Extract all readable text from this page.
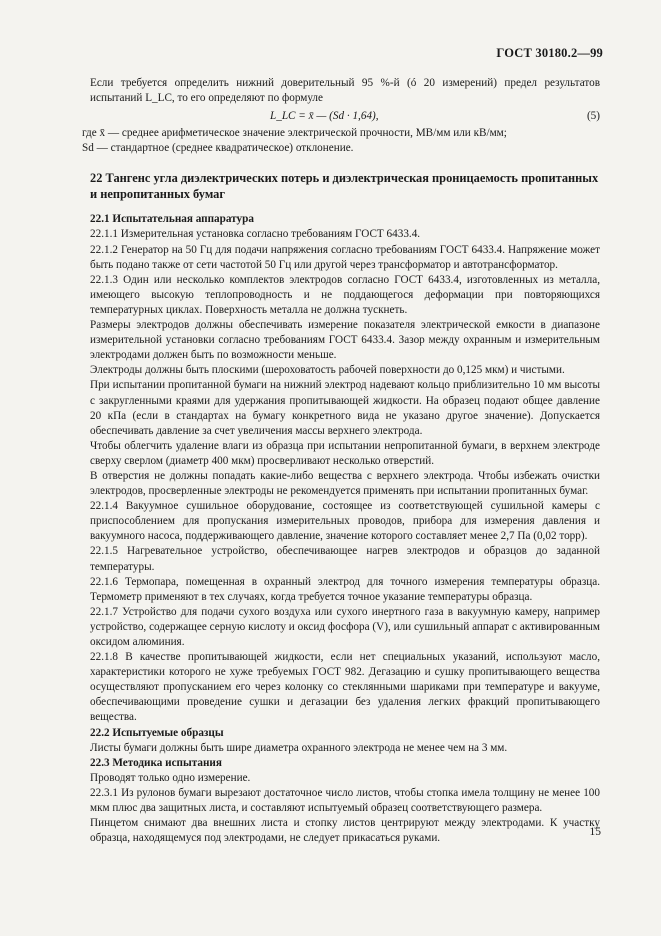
ГОСТ 30180.2—99

Если требуется определить нижний доверительный 95 %-й (ó 20 измерений) предел результатов испытаний L_LC, то его определяют по формуле

L_LC = x̄ — (Sd · 1,64),	(5)

где x̄ — среднее арифметическое значение электрической прочности, МВ/мм или кВ/мм;

Sd — стандартное (среднее квадратическое) отклонение.

22 Тангенс угла диэлектрических потерь и диэлектрическая проницаемость пропитанных и непропитанных бумаг

22.1 Испытательная аппаратура

22.1.1 Измерительная установка согласно требованиям ГОСТ 6433.4.

22.1.2 Генератор на 50 Гц для подачи напряжения согласно требованиям ГОСТ 6433.4. Напряжение может быть подано также от сети частотой 50 Гц или другой через трансформатор и автотрансформатор.

22.1.3 Один или несколько комплектов электродов согласно ГОСТ 6433.4, изготовленных из металла, имеющего высокую теплопроводность и не поддающегося деформации при повторяющихся температурных циклах. Поверхность металла не должна тускнеть.

Размеры электродов должны обеспечивать измерение показателя электрической емкости в диапазоне измерительной установки согласно требованиям ГОСТ 6433.4. Зазор между охранным и измерительным электродами должен быть по возможности меньше.

Электроды должны быть плоскими (шероховатость рабочей поверхности до 0,125 мкм) и чистыми.

При испытании пропитанной бумаги на нижний электрод надевают кольцо приблизительно 10 мм высоты с закругленными краями для удержания пропитывающей жидкости. На образец подают общее давление 20 кПа (если в стандартах на бумагу конкретного вида не указано другое значение). Допускается обеспечивать давление за счет увеличения массы верхнего электрода.

Чтобы облегчить удаление влаги из образца при испытании непропитанной бумаги, в верхнем электроде сверху сверлом (диаметр 400 мкм) просверливают несколько отверстий.

В отверстия не должны попадать какие-либо вещества с верхнего электрода. Чтобы избежать очистки электродов, просверленные электроды не рекомендуется применять при испытании пропитанных бумаг.

22.1.4 Вакуумное сушильное оборудование, состоящее из соответствующей сушильной камеры с приспособлением для пропускания измерительных проводов, прибора для измерения давления и вакуумного насоса, поддерживающего давление, значение которого составляет менее 2,7 Па (0,02 торр).

22.1.5 Нагревательное устройство, обеспечивающее нагрев электродов и образцов до заданной температуры.

22.1.6 Термопара, помещенная в охранный электрод для точного измерения температуры образца. Термометр применяют в тех случаях, когда требуется точное указание температуры образца.

22.1.7 Устройство для подачи сухого воздуха или сухого инертного газа в вакуумную камеру, например устройство, содержащее серную кислоту и оксид фосфора (V), или сушильный аппарат с активированным оксидом алюминия.

22.1.8 В качестве пропитывающей жидкости, если нет специальных указаний, используют масло, характеристики которого не хуже требуемых ГОСТ 982. Дегазацию и сушку пропитывающего вещества осуществляют пропусканием его через колонку со стеклянными шариками при температуре и вакууме, обеспечивающими проведение сушки и дегазации без удаления легких фракций пропитывающего вещества.

22.2 Испытуемые образцы

Листы бумаги должны быть шире диаметра охранного электрода не менее чем на 3 мм.

22.3 Методика испытания

Проводят только одно измерение.

22.3.1 Из рулонов бумаги вырезают достаточное число листов, чтобы стопка имела толщину не менее 100 мкм плюс два защитных листа, и составляют испытуемый образец соответствующего размера.

Пинцетом снимают два внешних листа и стопку листов центрируют между электродами. К участку образца, находящемуся под электродами, не следует прикасаться руками.

15
